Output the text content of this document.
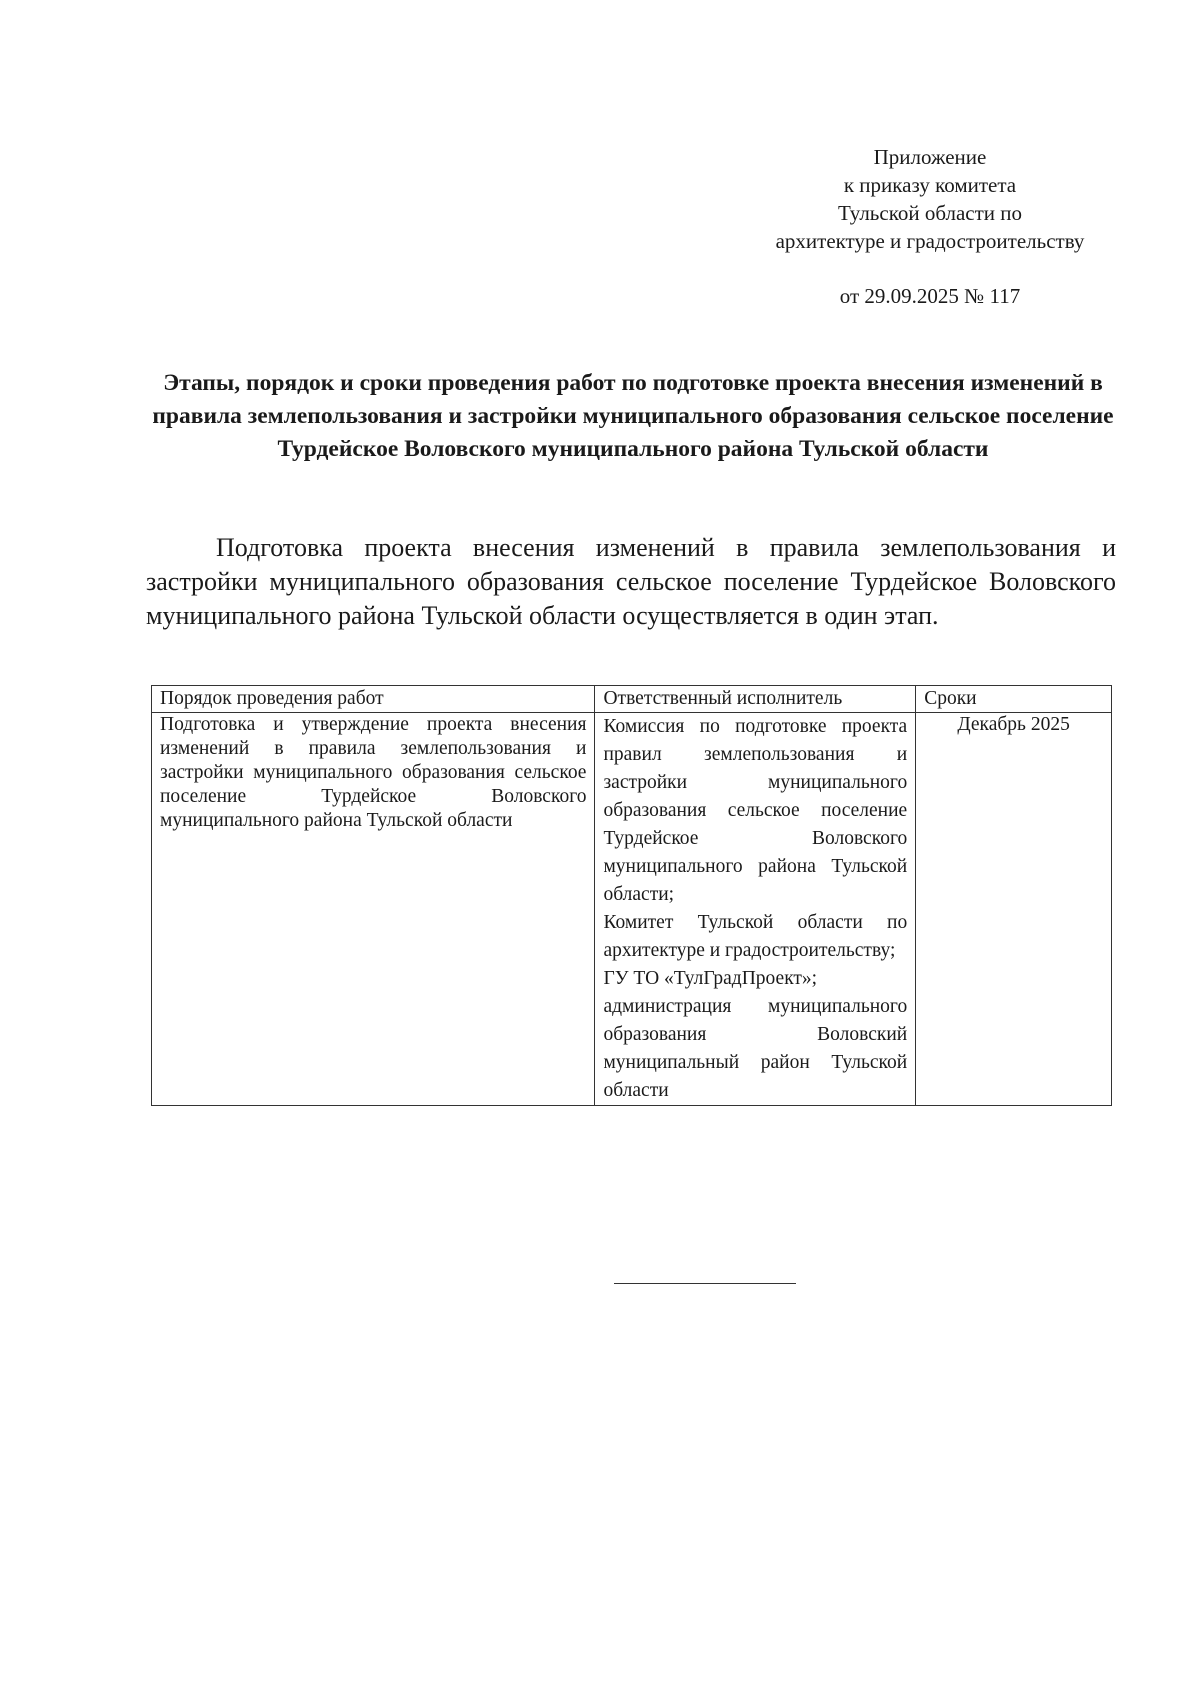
Приложение
к приказу комитета
Тульской области по
архитектуре и градостроительству
от 29.09.2025 № 117
Этапы, порядок и сроки проведения работ по подготовке проекта внесения изменений в правила землепользования и застройки муниципального образования сельское поселение Турдейское Воловского муниципального района Тульской области

Подготовка проекта внесения изменений в правила землепользования и застройки муниципального образования сельское поселение Турдейское Воловского муниципального района Тульской области осуществляется в один этап.

Порядок проведения работ	Ответственный исполнитель	Сроки
Подготовка и утверждение проекта внесения изменений в правила землепользования и застройки муниципального образования сельское поселение Турдейское Воловского муниципального района Тульской области	Комиссия по подготовке проекта правил землепользования и застройки муниципального образования сельское поселение Турдейское Воловского муниципального района Тульской области;
Комитет Тульской области по архитектуре и градостроительству;
ГУ ТО «ТулГрадПроект»;
администрация муниципального образования Воловский муниципальный район Тульской области	Декабрь 2025
